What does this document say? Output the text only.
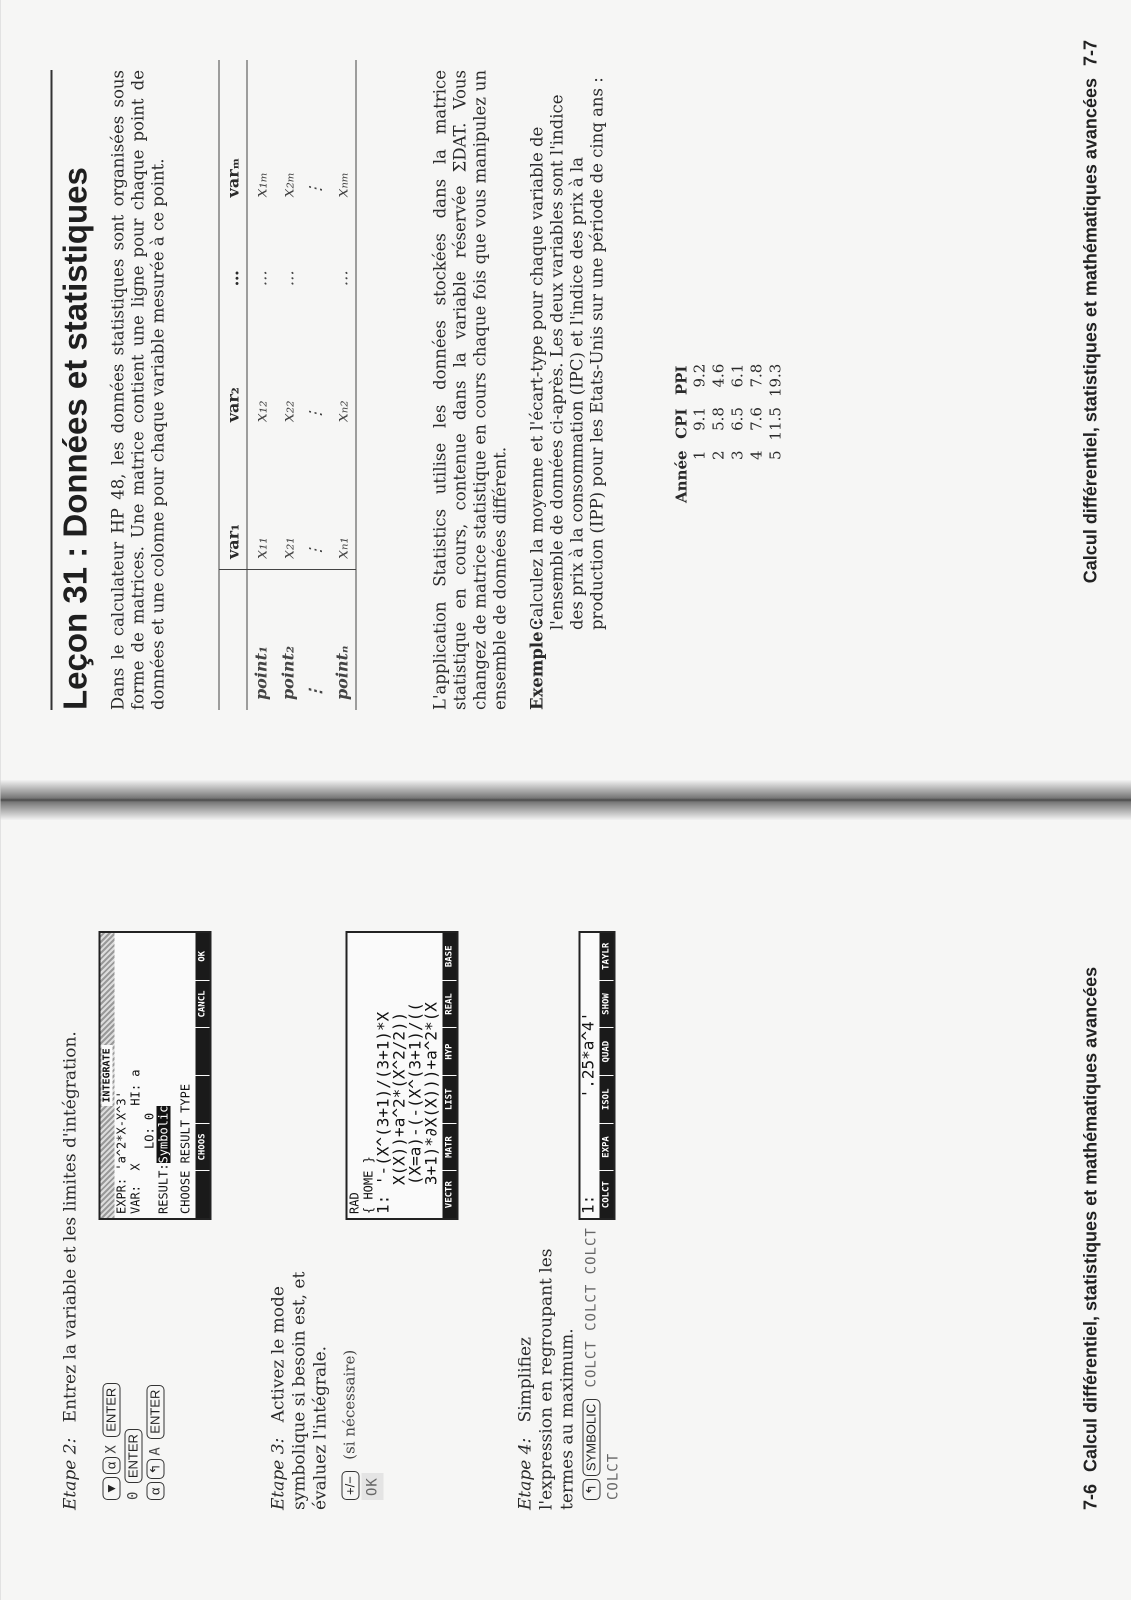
Etape 2: Entrez la variable et les limites d'intégration.
▼αX ENTER
0 ENTER
α↰A ENTER
INTEGRATE
EXPR: 'a^2*X-X^3' VAR:  X        HI: a LO: 0 RESULT:Symbolic CHOOSE RESULT TYPE CHOOS
CANCL
OK
Etape 3: Activez le mode symbolique si besoin est, et évaluez l'intégrale. +/− (si nécessaire)
OK
RAD { HOME }
1: '-(X^(3+1)/(3+1)*X
X(X))+a^2*(X^2/2))
(X=a)-(-(X^(3+1)/((
3+1)*∂X(X)))+a^2*(X VECTR
MATR
LIST
HYP
REAL
BASE
Etape 4: Simplifiez l'expression en regroupant les termes au maximum. ↰SYMBOLIC COLCT COLCT COLCT
COLCT
1:          '.25*a^4' COLCT
EXPA
ISOL
QUAD
SHOW
TAYLR
7-6Calcul différentiel, statistiques et mathématiques avancées
Leçon 31 : Données et statistiques Dans le calculateur HP 48, les données statistiques sont organisées sous forme de matrices. Une matrice contient une ligne pour chaque point de données et une colonne pour chaque variable mesurée à ce point.
		var₁	var₂	…	varₘ
point₁	x₁₁	x₁₂	…	x₁ₘ
point₂	x₂₁	x₂₂	…	x₂ₘ
⋮	⋮	⋮		⋮
pointₙ	xₙ₁	xₙ₂	…	xₙₘ	L'application Statistics utilise les données stockées dans la matrice statistique en cours, contenue dans la variable réservée ΣDAT. Vous changez de matrice statistique en cours chaque fois que vous manipulez un ensemble de données différent. Exemple :
Calculez la moyenne et l'écart-type pour chaque variable de l'ensemble de données ci-après. Les deux variables sont l'indice des prix à la consommation (IPC) et l'indice des prix à la production (IPP) pour les Etats-Unis sur une période de cinq ans :	Année	CPI	PPI
1	9.1	9.2
2	5.8	4.6
3	6.5	6.1
4	7.6	7.8
5	11.5	19.3	Calcul différentiel, statistiques et mathématiques avancées7-7
